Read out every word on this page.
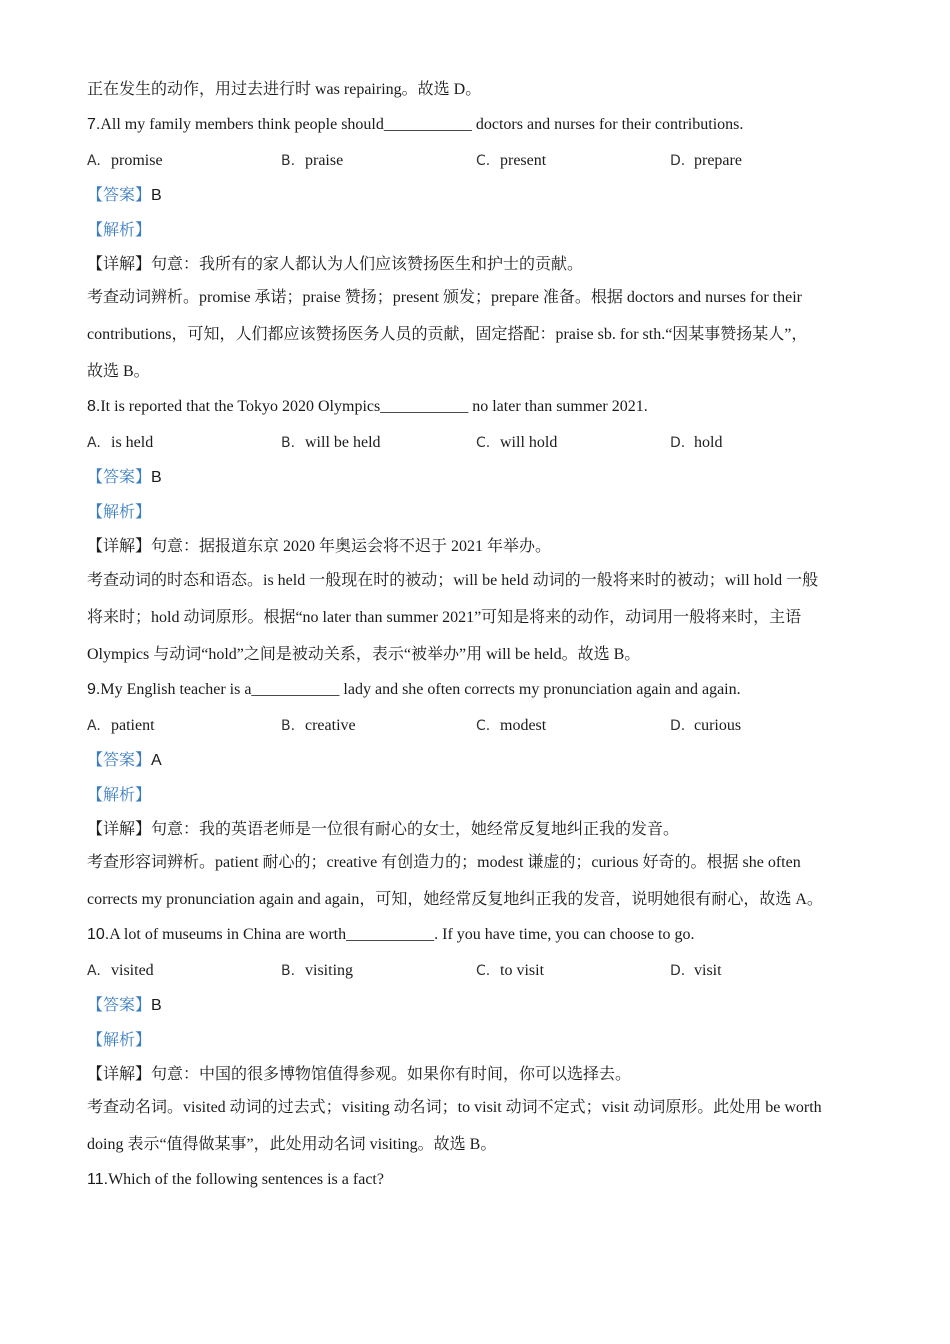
正在发生的动作，用过去进行时 was repairing。故选 D。
7.All my family members think people should___________ doctors and nurses for their contributions.
A. promise	B. praise	C. present	D. prepare
【答案】B
【解析】
【详解】句意：我所有的家人都认为人们应该赞扬医生和护士的贡献。
考查动词辨析。promise 承诺；praise 赞扬；present 颁发；prepare 准备。根据 doctors and nurses for their
contributions，可知，人们都应该赞扬医务人员的贡献，固定搭配：praise sb. for sth.“因某事赞扬某人”，
故选 B。
8.It is reported that the Tokyo 2020 Olympics___________ no later than summer 2021.
A. is held	B. will be held	C. will hold	D. hold
【答案】B
【解析】
【详解】句意：据报道东京 2020 年奥运会将不迟于 2021 年举办。
考查动词的时态和语态。is held 一般现在时的被动；will be held 动词的一般将来时的被动；will hold 一般
将来时；hold 动词原形。根据“no later than summer 2021”可知是将来的动作，动词用一般将来时，主语
Olympics 与动词“hold”之间是被动关系，表示“被举办”用 will be held。故选 B。
9.My English teacher is a___________ lady and she often corrects my pronunciation again and again.
A. patient	B. creative	C. modest	D. curious
【答案】A
【解析】
【详解】句意：我的英语老师是一位很有耐心的女士，她经常反复地纠正我的发音。
考查形容词辨析。patient 耐心的；creative 有创造力的；modest 谦虚的；curious 好奇的。根据 she often
corrects my pronunciation again and again，可知，她经常反复地纠正我的发音，说明她很有耐心，故选 A。
10.A lot of museums in China are worth___________. If you have time, you can choose to go.
A. visited	B. visiting	C. to visit	D. visit
【答案】B
【解析】
【详解】句意：中国的很多博物馆值得参观。如果你有时间，你可以选择去。
考查动名词。visited 动词的过去式；visiting 动名词；to visit 动词不定式；visit 动词原形。此处用 be worth
doing 表示“值得做某事”，此处用动名词 visiting。故选 B。
11.Which of the following sentences is a fact?
